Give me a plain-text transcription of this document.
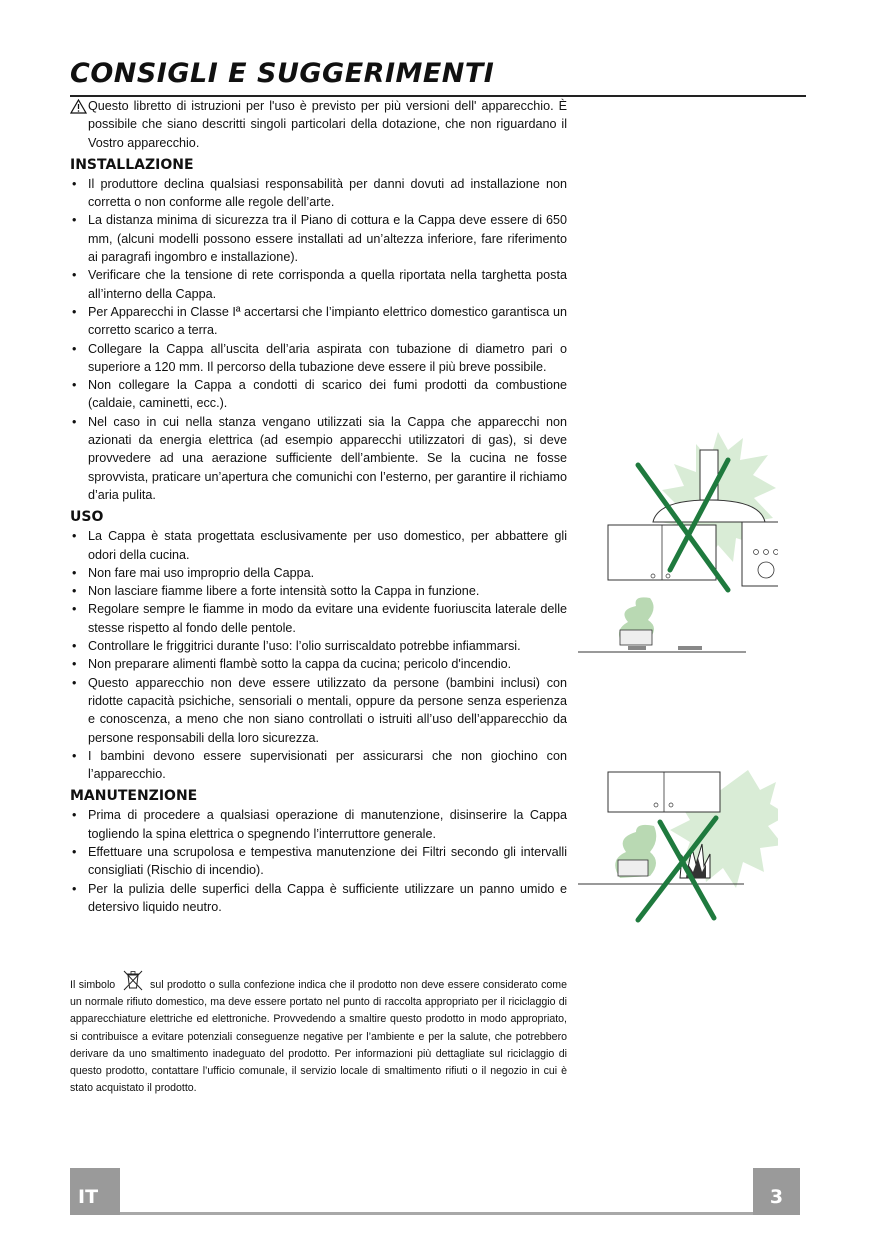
CONSIGLI E SUGGERIMENTI

Questo libretto di istruzioni per l'uso è previsto per più versioni dell' apparecchio. È possibile che siano descritti singoli particolari della dotazione, che non riguardano il Vostro apparecchio.

INSTALLAZIONE
• Il produttore declina qualsiasi responsabilità per danni dovuti ad installazione non corretta o non conforme alle regole dell’arte.
• La distanza minima di sicurezza tra il Piano di cottura e la Cappa deve essere di 650 mm, (alcuni modelli possono essere installati ad un’altezza inferiore, fare riferimento ai paragrafi ingombro e installazione).
• Verificare che la tensione di rete corrisponda a quella riportata nella targhetta posta all’interno della Cappa.
• Per Apparecchi in Classe Iª accertarsi che l’impianto elettrico domestico garantisca un corretto scarico a terra.
• Collegare la Cappa all’uscita dell’aria aspirata con tubazione di diametro pari o superiore a 120 mm. Il percorso della tubazione deve essere il più breve possibile.
• Non collegare la Cappa a condotti di scarico dei fumi prodotti da combustione (caldaie, caminetti, ecc.).
• Nel caso in cui nella stanza vengano utilizzati sia la Cappa che apparecchi non azionati da energia elettrica (ad esempio apparecchi utilizzatori di gas), si deve provvedere ad una aerazione sufficiente dell’ambiente. Se la cucina ne fosse sprovvista, praticare un’apertura che comunichi con l’esterno, per garantire il richiamo d’aria pulita.
USO
• La Cappa è stata progettata esclusivamente per uso domestico, per abbattere gli odori della cucina.
• Non fare mai uso improprio della Cappa.
• Non lasciare fiamme libere a forte intensità sotto la Cappa in funzione.
• Regolare sempre le fiamme in modo da evitare una evidente fuoriuscita laterale delle stesse rispetto al fondo delle pentole.
• Controllare le friggitrici durante l’uso: l’olio surriscaldato potrebbe infiammarsi.
• Non preparare alimenti flambè sotto la cappa da cucina; pericolo d'incendio.
• Questo apparecchio non deve essere utilizzato da persone (bambini inclusi) con ridotte capacità psichiche, sensoriali o mentali, oppure da persone senza esperienza e conoscenza, a meno che non siano controllati o istruiti all’uso dell’apparecchio da persone responsabili della loro sicurezza.
• I bambini devono essere supervisionati per assicurarsi che non giochino con l’apparecchio.
MANUTENZIONE
• Prima di procedere a qualsiasi operazione di manutenzione, disinserire la Cappa togliendo la spina elettrica o spegnendo l’interruttore generale.
• Effettuare una scrupolosa e tempestiva manutenzione dei Filtri secondo gli intervalli consigliati (Rischio di incendio).
• Per la pulizia delle superfici della Cappa è sufficiente utilizzare un panno umido e detersivo liquido neutro.

Il simbolo	sul prodotto o sulla confezione indica che il prodotto non deve essere considerato come un normale rifiuto domestico, ma deve essere portato nel punto di raccolta appropriato per il riciclaggio di apparecchiature elettriche ed elettroniche. Provvedendo a smaltire questo prodotto in modo appropriato, si contribuisce a evitare potenziali conseguenze negative per l’ambiente e per la salute, che potrebbero derivare da uno smaltimento inadeguato del prodotto. Per informazioni più dettagliate sul riciclaggio di questo prodotto, contattare l’ufficio comunale, il servizio locale di smaltimento rifiuti o il negozio in cui è stato acquistato il prodotto.

IT	3
